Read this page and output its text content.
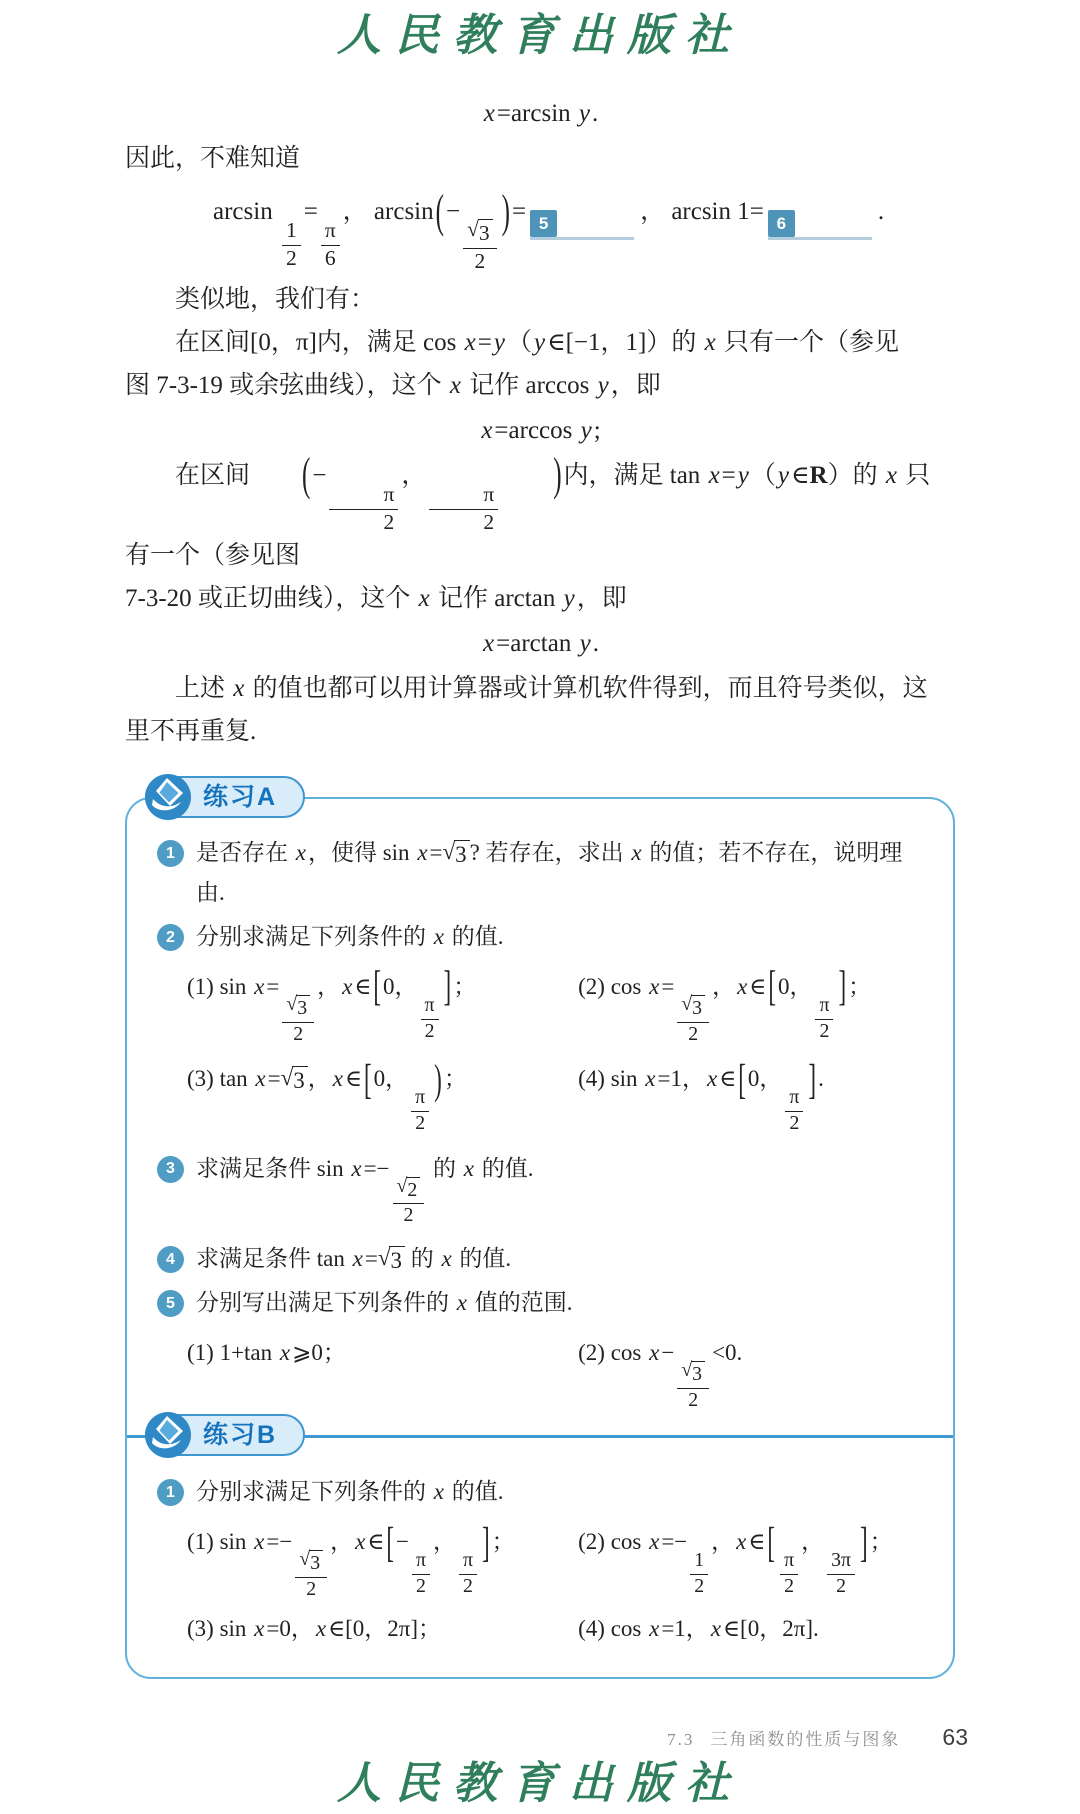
人民教育出版社
x=arcsin y.
因此，不难知道
arcsin
$\frac{1}{2}$
=
$\frac{\pi}{6}$
， arcsin(−
$\frac{√ 3}{2}$
)= 5	， arcsin 1= 6	.
类似地，我们有：
在区间[0，π]内，满足 cos x=y（y∈[−1，1]）的 x 只有一个（参见
图 7-3-19 或余弦曲线），这个 x 记作 arccos y，即
x=arccos y;
在区间 (−
$\frac{\pi}{2}$
，
$\frac{\pi}{2}$
)内，满足 tan x=y（y∈R）的 x 只有一个（参见图
7-3-20 或正切曲线），这个 x 记作 arctan y，即
x=arctan y.
上述 x 的值也都可以用计算器或计算机软件得到，而且符号类似，这
里不再重复.
练习A
1 是否存在 x，使得 sin x= √ 3 ? 若存在，求出 x 的值；若不存在，说明理由.
2 分别求满足下列条件的 x 的值.
(1) sin x=
$\frac{√ 3}{2}$
，x∈[0，
$\frac{\pi}{2}$
]；	(2) cos x=
$\frac{√ 3}{2}$
，x∈[0，
$\frac{\pi}{2}$
]；
(3) tan x= √ 3 ，x∈[0，
$\frac{\pi}{2}$
)；	(4) sin x=1，x∈[0，
$\frac{\pi}{2}$
].
3 求满足条件 sin x=−
$\frac{√ 2}{2}$
的 x 的值.
4 求满足条件 tan x= √ 3 的 x 的值.
5 分别写出满足下列条件的 x 值的范围.
(1) 1+tan x⩾0；	(2) cos x−
$\frac{√ 3}{2}$
<0.
练习B
1 分别求满足下列条件的 x 的值.
(1) sin x=−
$\frac{√ 3}{2}$
，x∈[−
$\frac{\pi}{2}$
，
$\frac{\pi}{2}$
]；	(2) cos x=−
$\frac{1}{2}$
，x∈[
$\frac{\pi}{2}$
，
$\frac{3\pi}{2}$
]；
(3) sin x=0，x∈[0，2π]；	(4) cos x=1，x∈[0，2π].
7.3 三角函数的性质与图象 63
人民教育出版社
